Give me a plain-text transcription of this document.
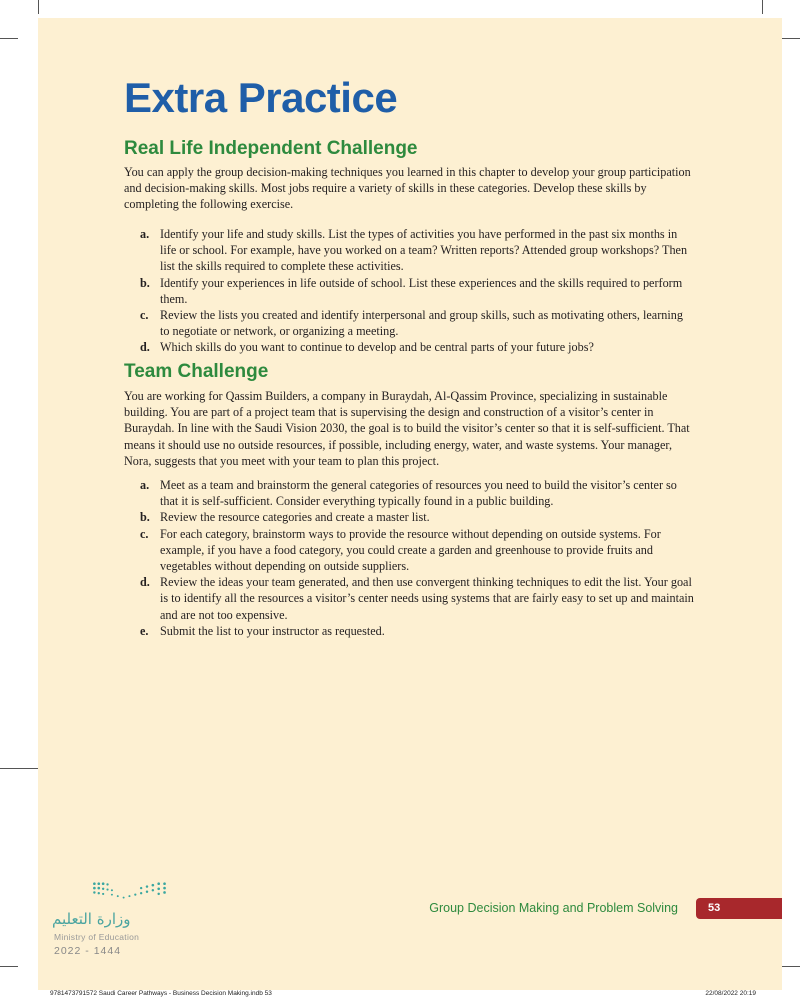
Extra Practice
Real Life Independent Challenge

You can apply the group decision-making techniques you learned in this chapter to develop your group participation and decision-making skills. Most jobs require a variety of skills in these categories. Develop these skills by completing the following exercise.

a. Identify your life and study skills. List the types of activities you have performed in the past six months in life or school. For example, have you worked on a team? Written reports? Attended group workshops? Then list the skills required to complete these activities.
b. Identify your experiences in life outside of school. List these experiences and the skills required to perform them.
c. Review the lists you created and identify interpersonal and group skills, such as motivating others, learning to negotiate or network, or organizing a meeting.
d. Which skills do you want to continue to develop and be central parts of your future jobs?
Team Challenge

You are working for Qassim Builders, a company in Buraydah, Al-Qassim Province, specializing in sustainable building. You are part of a project team that is supervising the design and construction of a visitor’s center in Buraydah. In line with the Saudi Vision 2030, the goal is to build the visitor’s center so that it is self-sufficient. That means it should use no outside resources, if possible, including energy, water, and waste systems. Your manager, Nora, suggests that you meet with your team to plan this project.

a. Meet as a team and brainstorm the general categories of resources you need to build the visitor’s center so that it is self-sufficient. Consider everything typically found in a public building.
b. Review the resource categories and create a master list.
c. For each category, brainstorm ways to provide the resource without depending on outside systems. For example, if you have a food category, you could create a garden and greenhouse to provide fruits and vegetables without depending on outside suppliers.
d. Review the ideas your team generated, and then use convergent thinking techniques to edit the list. Your goal is to identify all the resources a visitor’s center needs using systems that are fairly easy to set up and maintain and are not too expensive.
e. Submit the list to your instructor as requested.
وزارة التعليم
Ministry of Education
2022 - 1444
Group Decision Making and Problem Solving	53
9781473791572 Saudi Career Pathways - Business Decision Making.indb 53	22/08/2022 20:19
